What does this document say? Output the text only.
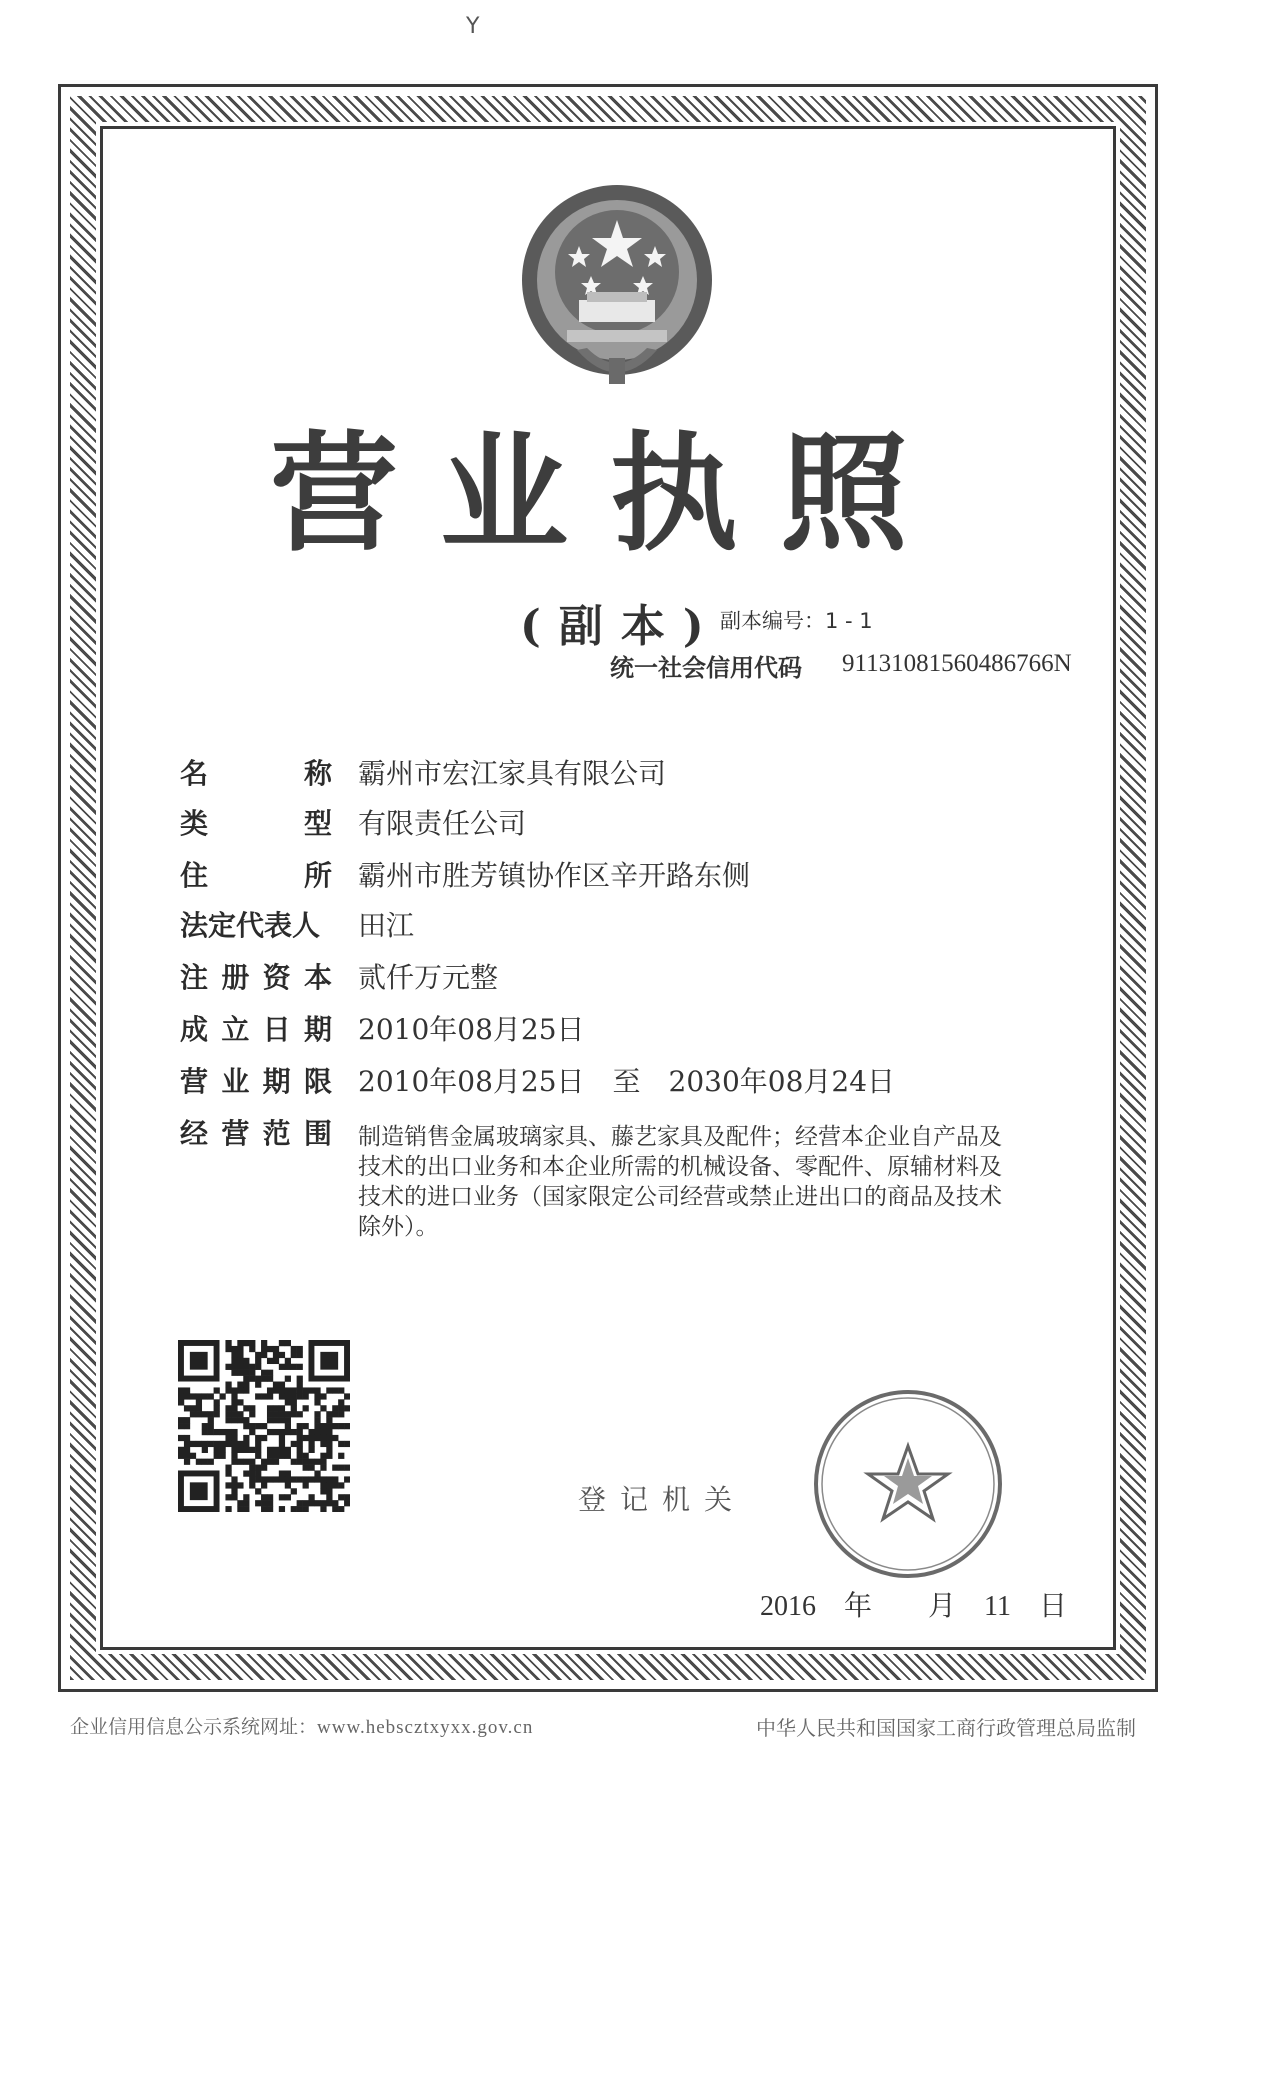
Y
营业执照
(副本)
副本编号：1 - 1
统一社会信用代码 91131081560486766N
名	称 霸州市宏江家具有限公司
类	型 有限责任公司
住	所 霸州市胜芳镇协作区辛开路东侧
法定代表人 田江
注 册 资 本 贰仟万元整
成 立 日 期 2010年08月25日
营 业 期 限 2010年08月25日　至　2030年08月24日
经 营 范 围 制造销售金属玻璃家具、藤艺家具及配件；经营本企业自产品及技术的出口业务和本企业所需的机械设备、零配件、原辅材料及技术的进口业务（国家限定公司经营或禁止进出口的商品及技术除外）。
登记机关
2016　年　　月　11　日
企业信用信息公示系统网址：www.hebscztxyxx.gov.cn	中华人民共和国国家工商行政管理总局监制
